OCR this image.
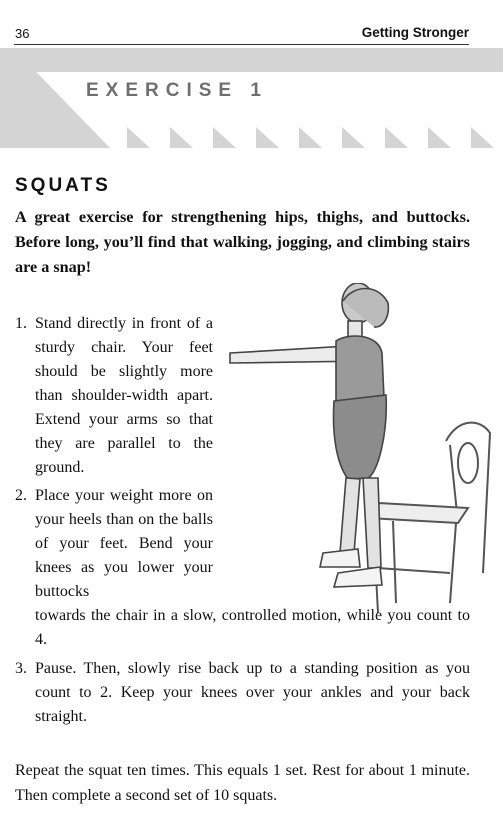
36	Getting Stronger
EXERCISE 1
SQUATS
A great exercise for strengthening hips, thighs, and buttocks. Before long, you’ll find that walking, jogging, and climbing stairs are a snap!
1. Stand directly in front of a sturdy chair. Your feet should be slightly more than shoulder-width apart. Extend your arms so that they are parallel to the ground.
2. Place your weight more on your heels than on the balls of your feet. Bend your knees as you lower your buttocks
towards the chair in a slow, controlled motion, while you count to 4.
3. Pause. Then, slowly rise back up to a standing position as you count to 2. Keep your knees over your ankles and your back straight.
Repeat the squat ten times. This equals 1 set. Rest for about 1 minute. Then complete a second set of 10 squats.
